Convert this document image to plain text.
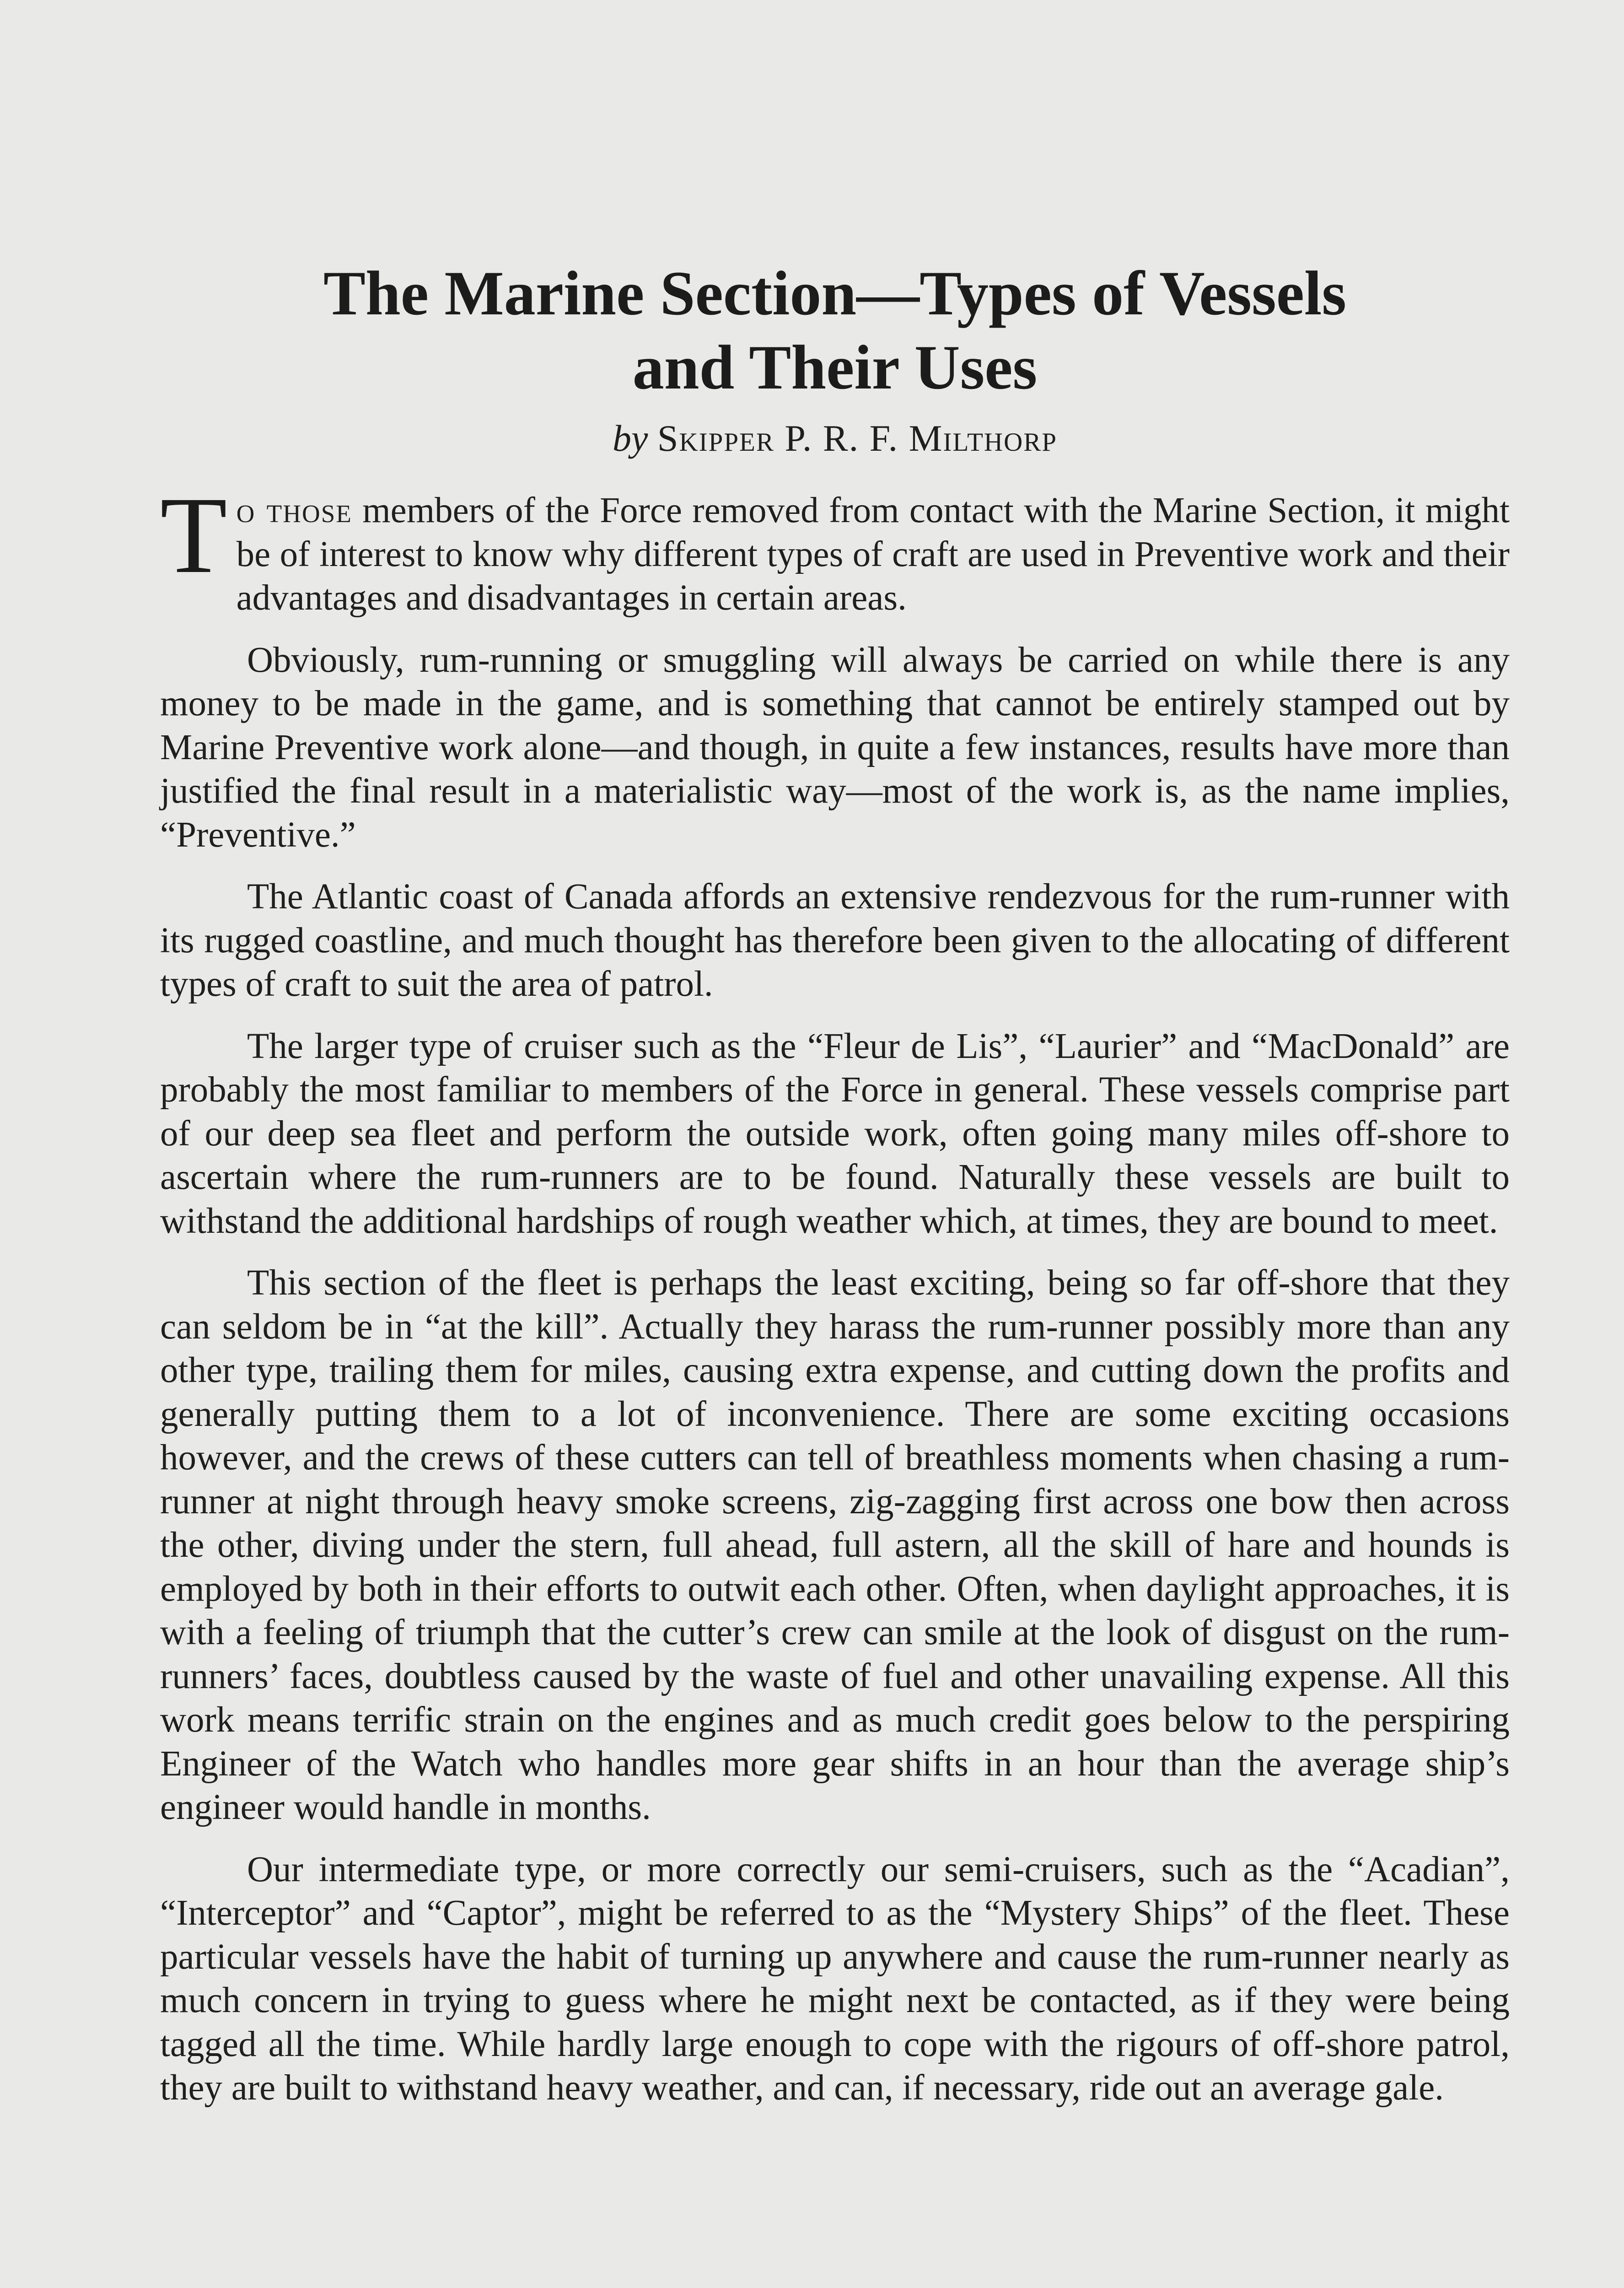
The Marine Section—Types of Vessels
and Their Uses
by Skipper P. R. F. Milthorp

To those members of the Force removed from contact with the Marine Section, it might be of interest to know why different types of craft are used in Preventive work and their advantages and disadvantages in certain areas.

Obviously, rum-running or smuggling will always be carried on while there is any money to be made in the game, and is something that cannot be entirely stamped out by Marine Preventive work alone—and though, in quite a few instances, results have more than justified the final result in a materialistic way—most of the work is, as the name implies, “Preventive.”

The Atlantic coast of Canada affords an extensive rendezvous for the rum-runner with its rugged coastline, and much thought has therefore been given to the allocating of different types of craft to suit the area of patrol.

The larger type of cruiser such as the “Fleur de Lis”, “Laurier” and “MacDonald” are probably the most familiar to members of the Force in general. These vessels comprise part of our deep sea fleet and perform the outside work, often going many miles off-shore to ascertain where the rum-runners are to be found. Naturally these vessels are built to withstand the additional hardships of rough weather which, at times, they are bound to meet.

This section of the fleet is perhaps the least exciting, being so far off-shore that they can seldom be in “at the kill”. Actually they harass the rum-runner possibly more than any other type, trailing them for miles, causing extra expense, and cutting down the profits and generally putting them to a lot of inconvenience. There are some exciting occasions however, and the crews of these cutters can tell of breathless moments when chasing a rum-runner at night through heavy smoke screens, zig-zagging first across one bow then across the other, diving under the stern, full ahead, full astern, all the skill of hare and hounds is employed by both in their efforts to outwit each other. Often, when daylight approaches, it is with a feeling of triumph that the cutter’s crew can smile at the look of disgust on the rum-runners’ faces, doubtless caused by the waste of fuel and other unavailing expense. All this work means terrific strain on the engines and as much credit goes below to the perspiring Engineer of the Watch who handles more gear shifts in an hour than the average ship’s engineer would handle in months.

Our intermediate type, or more correctly our semi-cruisers, such as the “Acadian”, “Interceptor” and “Captor”, might be referred to as the “Mystery Ships” of the fleet. These particular vessels have the habit of turning up anywhere and cause the rum-runner nearly as much concern in trying to guess where he might next be contacted, as if they were being tagged all the time. While hardly large enough to cope with the rigours of off-shore patrol, they are built to withstand heavy weather, and can, if necessary, ride out an average gale.
